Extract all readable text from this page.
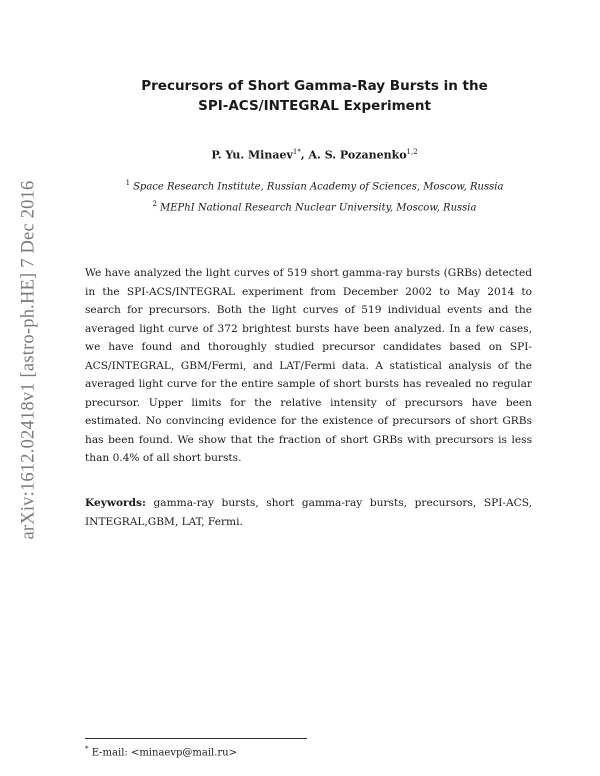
arXiv:1612.02418v1 [astro-ph.HE] 7 Dec 2016
Precursors of Short Gamma-Ray Bursts in the
SPI-ACS/INTEGRAL Experiment
P. Yu. Minaev$^{1*}$, A. S. Pozanenko$^{1,2}$
$^1$ Space Research Institute, Russian Academy of Sciences, Moscow, Russia
$^2$ MEPhI National Research Nuclear University, Moscow, Russia

We have analyzed the light curves of 519 short gamma-ray bursts (GRBs) detected in the SPI-ACS/INTEGRAL experiment from December 2002 to May 2014 to search for precursors. Both the light curves of 519 individual events and the averaged light curve of 372 brightest bursts have been analyzed. In a few cases, we have found and thoroughly studied precursor candidates based on SPI-ACS/INTEGRAL, GBM/Fermi, and LAT/Fermi data. A statistical analysis of the averaged light curve for the entire sample of short bursts has revealed no regular precursor. Upper limits for the relative intensity of precursors have been estimated. No convincing evidence for the existence of precursors of short GRBs has been found. We show that the fraction of short GRBs with precursors is less than 0.4% of all short bursts.

Keywords: gamma-ray bursts, short gamma-ray bursts, precursors, SPI-ACS, INTEGRAL,GBM, LAT, Fermi.
* E-mail: <minaevp@mail.ru>
